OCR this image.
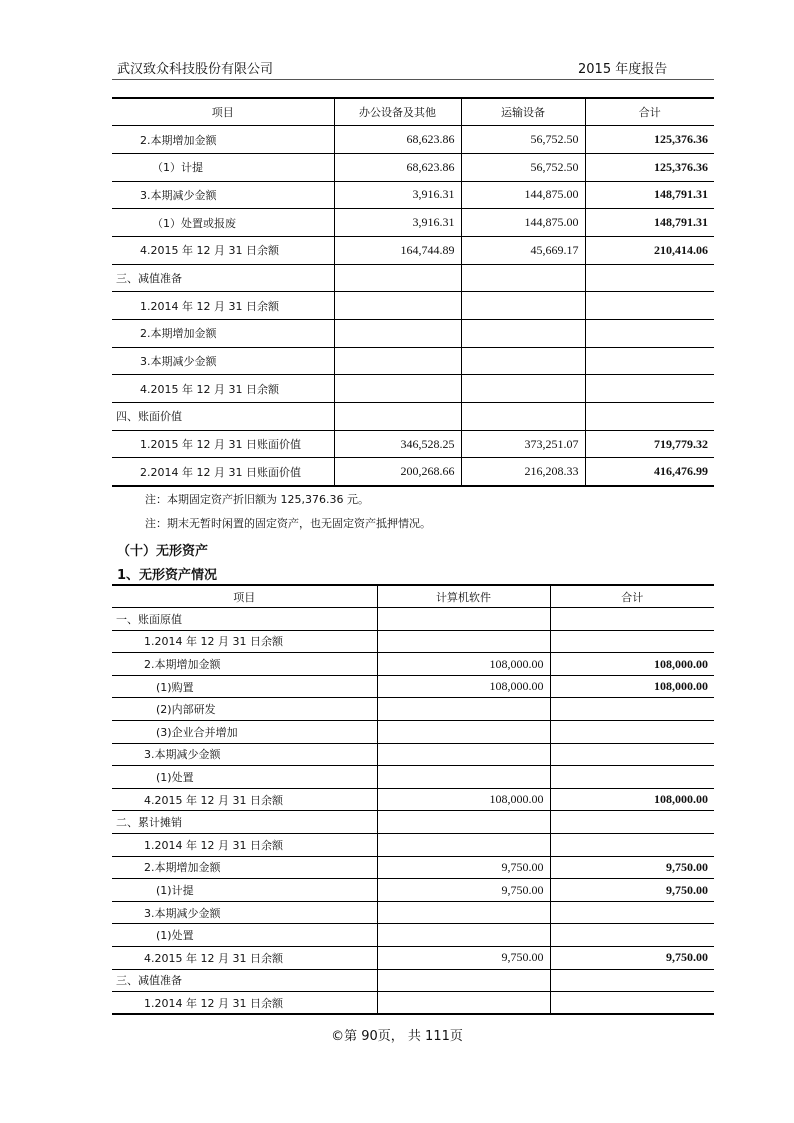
武汉致众科技股份有限公司	2015 年度报告
项目	办公设备及其他	运输设备	合计
2.本期增加金额	68,623.86	56,752.50	125,376.36
（1）计提	68,623.86	56,752.50	125,376.36
3.本期减少金额	3,916.31	144,875.00	148,791.31
（1）处置或报废	3,916.31	144,875.00	148,791.31
4.2015 年 12 月 31 日余额	164,744.89	45,669.17	210,414.06
三、减值准备			
1.2014 年 12 月 31 日余额			
2.本期增加金额			
3.本期减少金额			
4.2015 年 12 月 31 日余额			
四、账面价值			
1.2015 年 12 月 31 日账面价值	346,528.25	373,251.07	719,779.32
2.2014 年 12 月 31 日账面价值	200,268.66	216,208.33	416,476.99
注：本期固定资产折旧额为 125,376.36 元。
注：期末无暂时闲置的固定资产，也无固定资产抵押情况。
（十）无形资产
1、无形资产情况
项目	计算机软件	合计
一、账面原值		
1.2014 年 12 月 31 日余额		
2.本期增加金额	108,000.00	108,000.00
(1)购置	108,000.00	108,000.00
(2)内部研发		
(3)企业合并增加		
3.本期减少金额		
(1)处置		
4.2015 年 12 月 31 日余额	108,000.00	108,000.00
二、累计摊销		
1.2014 年 12 月 31 日余额		
2.本期增加金额	9,750.00	9,750.00
(1)计提	9,750.00	9,750.00
3.本期减少金额		
(1)处置		
4.2015 年 12 月 31 日余额	9,750.00	9,750.00
三、减值准备		
1.2014 年 12 月 31 日余额		
©第 90页， 共 111页
